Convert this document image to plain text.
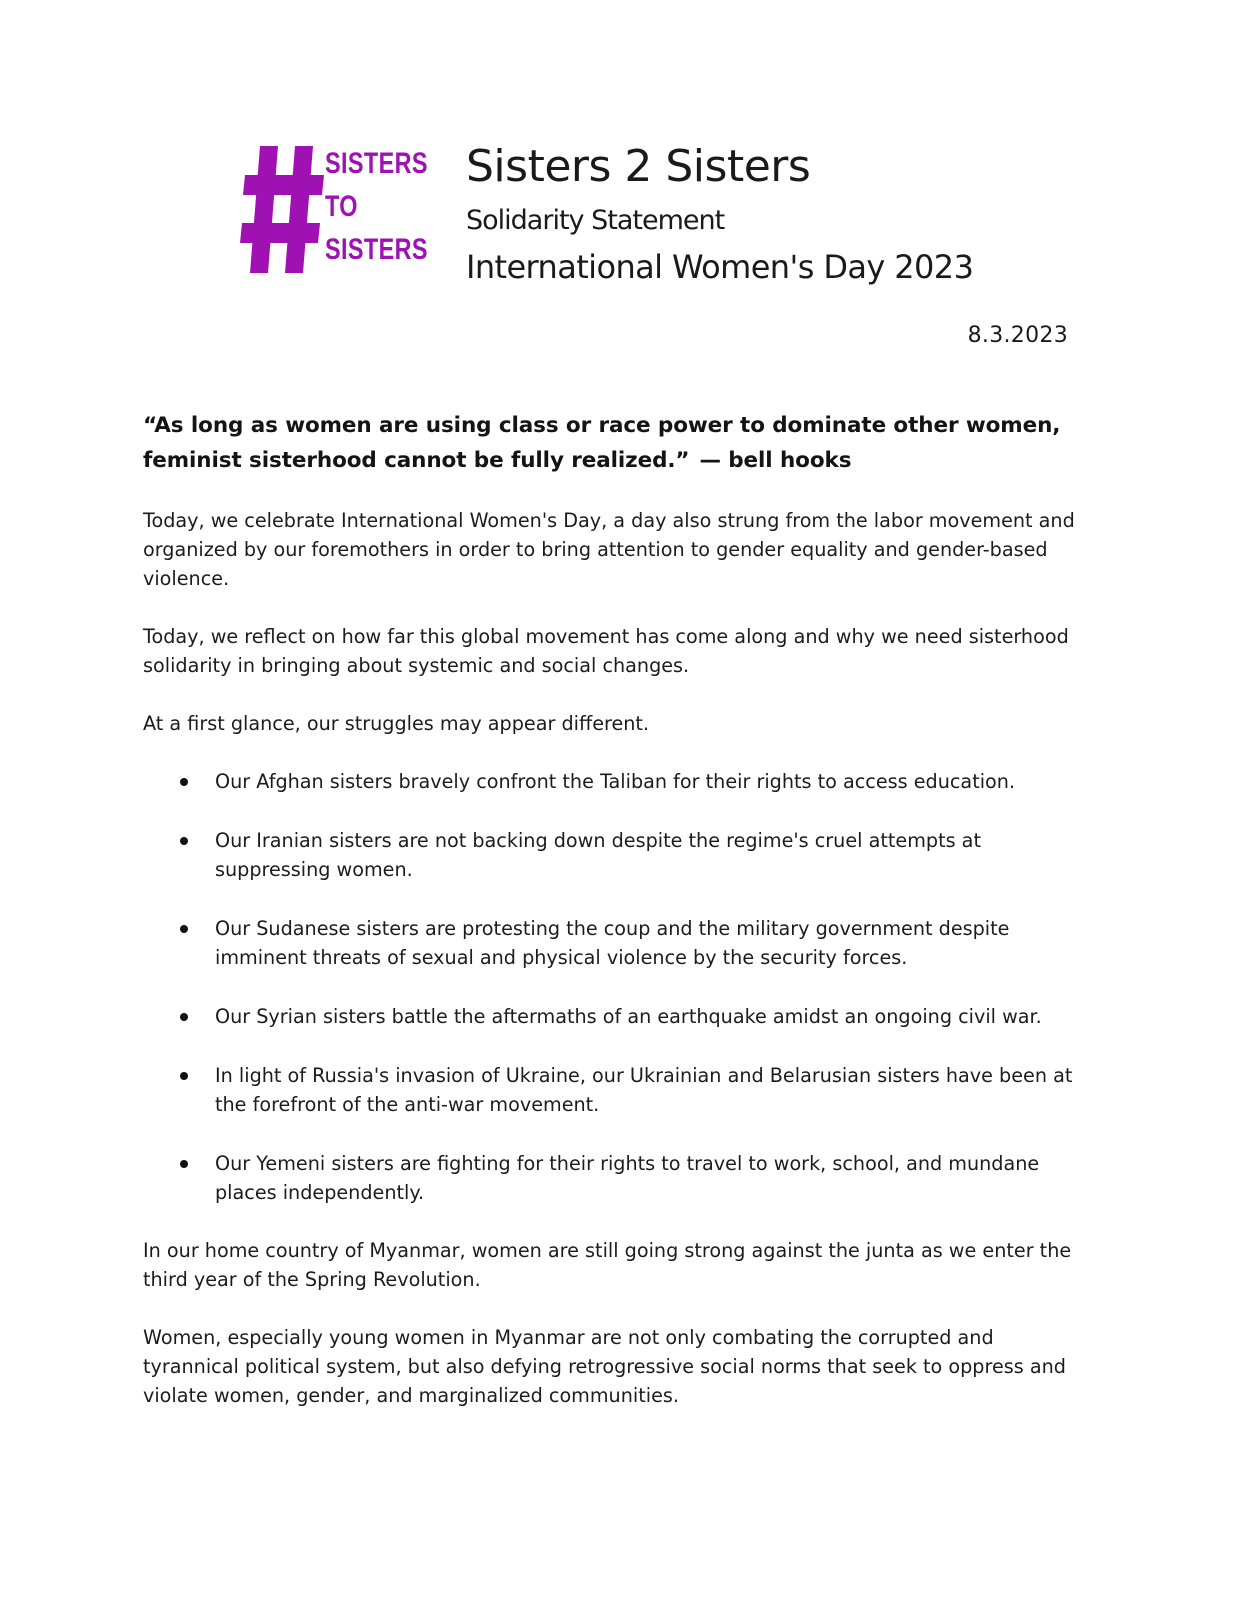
SISTERS
TO
SISTERS
Sisters 2 Sisters
Solidarity Statement
International Women's Day 2023
8.3.2023
“As long as women are using class or race power to dominate other women, feminist sisterhood cannot be fully realized.” — bell hooks

Today, we celebrate International Women's Day, a day also strung from the labor movement and organized by our foremothers in order to bring attention to gender equality and gender-based violence.

Today, we reflect on how far this global movement has come along and why we need sisterhood solidarity in bringing about systemic and social changes.

At a first glance, our struggles may appear different.

Our Afghan sisters bravely confront the Taliban for their rights to access education.
Our Iranian sisters are not backing down despite the regime's cruel attempts at suppressing women.
Our Sudanese sisters are protesting the coup and the military government despite imminent threats of sexual and physical violence by the security forces.
Our Syrian sisters battle the aftermaths of an earthquake amidst an ongoing civil war.
In light of Russia's invasion of Ukraine, our Ukrainian and Belarusian sisters have been at the forefront of the anti-war movement.
Our Yemeni sisters are fighting for their rights to travel to work, school, and mundane places independently.

In our home country of Myanmar, women are still going strong against the junta as we enter the third year of the Spring Revolution.

Women, especially young women in Myanmar are not only combating the corrupted and tyrannical political system, but also defying retrogressive social norms that seek to oppress and violate women, gender, and marginalized communities.
